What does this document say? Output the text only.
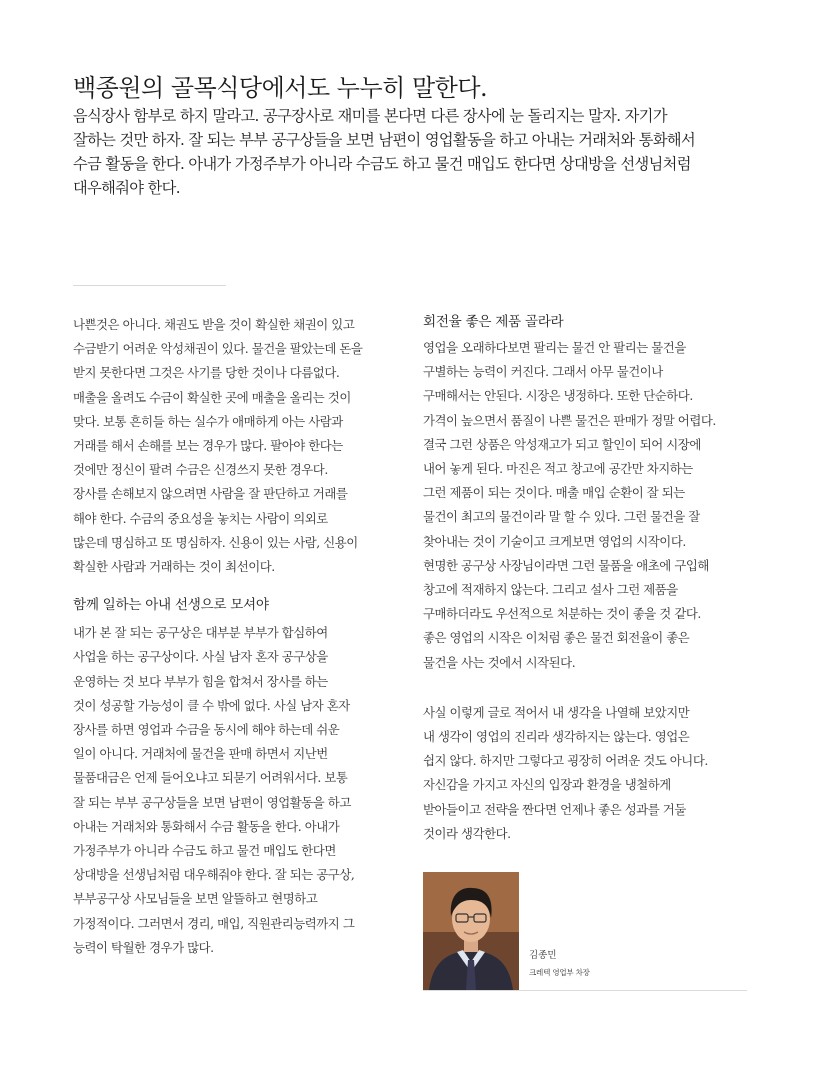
백종원의 골목식당에서도 누누히 말한다.
음식장사 함부로 하지 말라고. 공구장사로 재미를 본다면 다른 장사에 눈 돌리지는 말자. 자기가
잘하는 것만 하자. 잘 되는 부부 공구상들을 보면 남편이 영업활동을 하고 아내는 거래처와 통화해서
수금 활동을 한다. 아내가 가정주부가 아니라 수금도 하고 물건 매입도 한다면 상대방을 선생님처럼
대우해줘야 한다.
나쁜것은 아니다. 채권도 받을 것이 확실한 채권이 있고
수금받기 어려운 악성채권이 있다. 물건을 팔았는데 돈을
받지 못한다면 그것은 사기를 당한 것이나 다름없다.
매출을 올려도 수금이 확실한 곳에 매출을 올리는 것이
맞다. 보통 흔히들 하는 실수가 애매하게 아는 사람과
거래를 해서 손해를 보는 경우가 많다. 팔아야 한다는
것에만 정신이 팔려 수금은 신경쓰지 못한 경우다.
장사를 손해보지 않으려면 사람을 잘 판단하고 거래를
해야 한다. 수금의 중요성을 놓치는 사람이 의외로
많은데 명심하고 또 명심하자. 신용이 있는 사람, 신용이
확실한 사람과 거래하는 것이 최선이다.
함께 일하는 아내 선생으로 모셔야
내가 본 잘 되는 공구상은 대부분 부부가 합심하여
사업을 하는 공구상이다. 사실 남자 혼자 공구상을
운영하는 것 보다 부부가 힘을 합쳐서 장사를 하는
것이 성공할 가능성이 클 수 밖에 없다. 사실 남자 혼자
장사를 하면 영업과 수금을 동시에 해야 하는데 쉬운
일이 아니다. 거래처에 물건을 판매 하면서 지난번
물품대금은 언제 들어오냐고 되묻기 어려워서다. 보통
잘 되는 부부 공구상들을 보면 남편이 영업활동을 하고
아내는 거래처와 통화해서 수금 활동을 한다. 아내가
가정주부가 아니라 수금도 하고 물건 매입도 한다면
상대방을 선생님처럼 대우해줘야 한다. 잘 되는 공구상,
부부공구상 사모님들을 보면 알뜰하고 현명하고
가정적이다. 그러면서 경리, 매입, 직원관리능력까지 그
능력이 탁월한 경우가 많다.
회전율 좋은 제품 골라라
영업을 오래하다보면 팔리는 물건 안 팔리는 물건을
구별하는 능력이 커진다. 그래서 아무 물건이나
구매해서는 안된다. 시장은 냉정하다. 또한 단순하다.
가격이 높으면서 품질이 나쁜 물건은 판매가 정말 어렵다.
결국 그런 상품은 악성재고가 되고 할인이 되어 시장에
내어 놓게 된다. 마진은 적고 창고에 공간만 차지하는
그런 제품이 되는 것이다. 매출 매입 순환이 잘 되는
물건이 최고의 물건이라 말 할 수 있다. 그런 물건을 잘
찾아내는 것이 기술이고 크게보면 영업의 시작이다.
현명한 공구상 사장님이라면 그런 물품을 애초에 구입해
창고에 적재하지 않는다. 그리고 설사 그런 제품을
구매하더라도 우선적으로 처분하는 것이 좋을 것 같다.
좋은 영업의 시작은 이처럼 좋은 물건 회전율이 좋은
물건을 사는 것에서 시작된다.
사실 이렇게 글로 적어서 내 생각을 나열해 보았지만
내 생각이 영업의 진리라 생각하지는 않는다. 영업은
쉽지 않다. 하지만 그렇다고 굉장히 어려운 것도 아니다.
자신감을 가지고 자신의 입장과 환경을 냉철하게
받아들이고 전략을 짠다면 언제나 좋은 성과를 거둘
것이라 생각한다.
김종민
크레텍 영업부 차장
